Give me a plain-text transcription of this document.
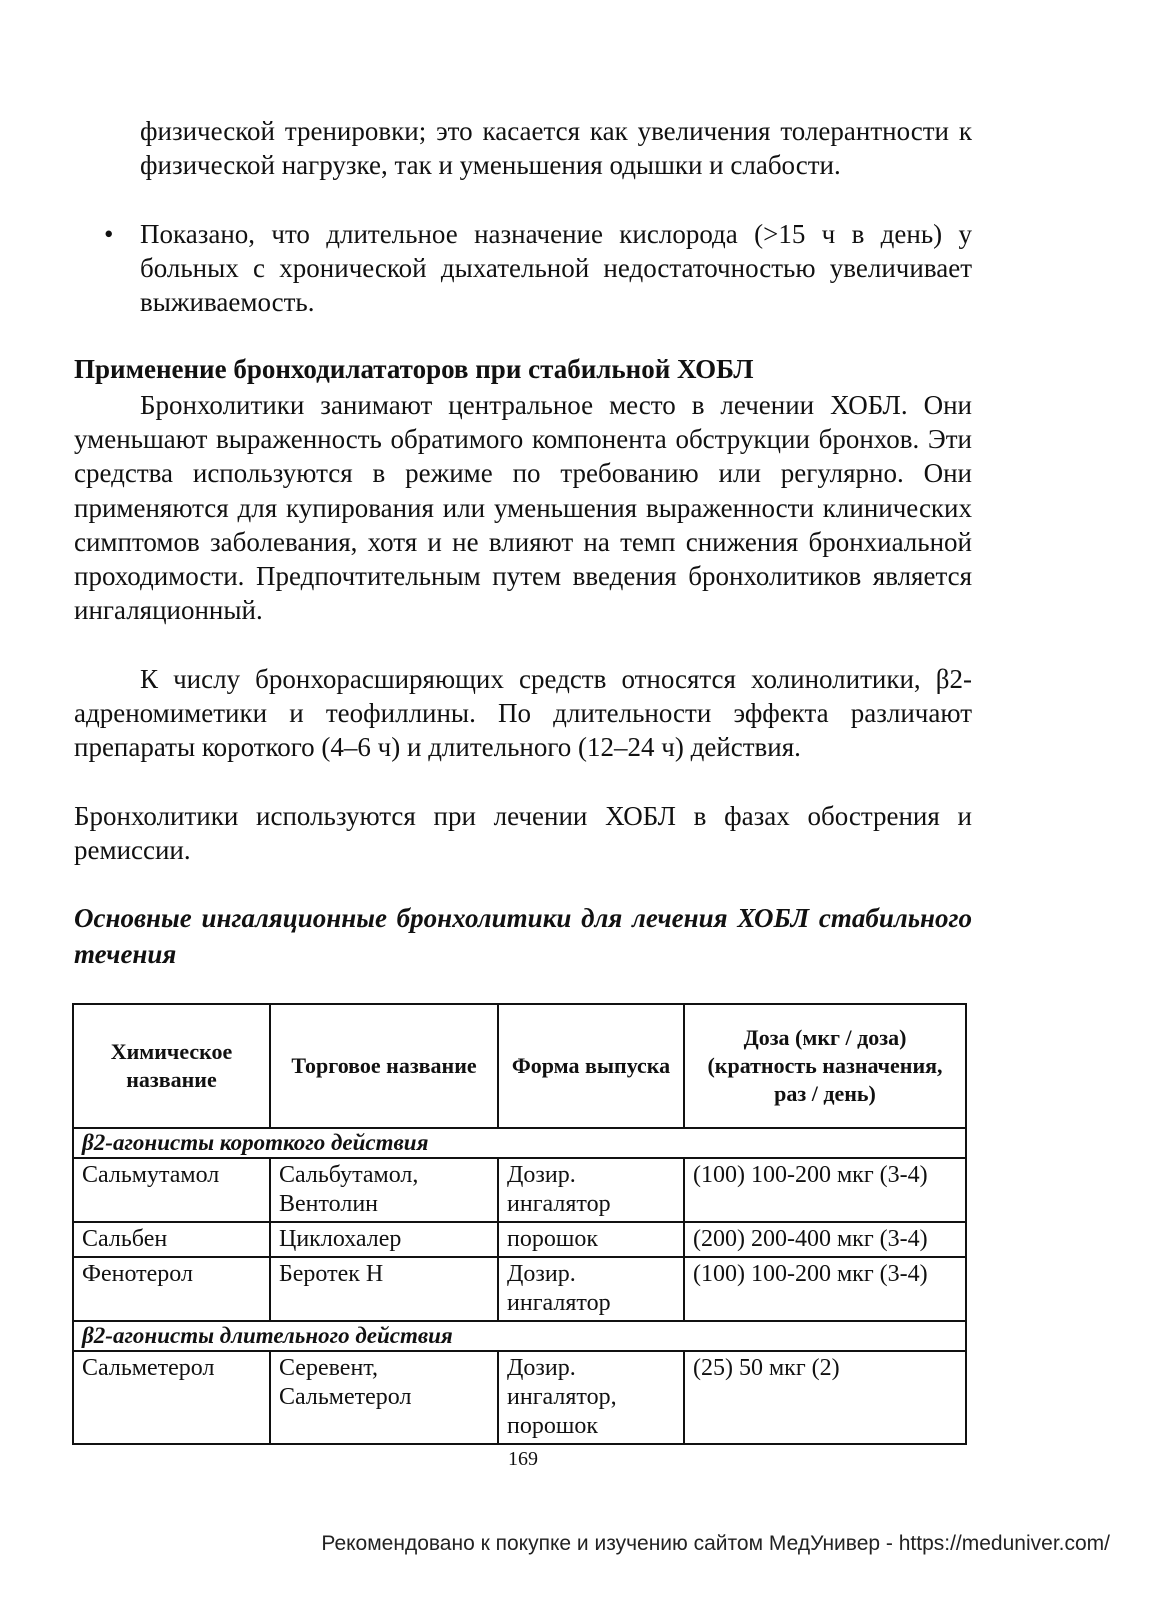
физической тренировки; это касается как увеличения толерантности к физической нагрузке, так и уменьшения одышки и слабости.

• Показано, что длительное назначение кислорода (>15 ч в день) у больных с хронической дыхательной недостаточностью увеличивает выживаемость.

Применение бронходилататоров при стабильной ХОБЛ

Бронхолитики занимают центральное место в лечении ХОБЛ. Они уменьшают выраженность обратимого компонента обструкции бронхов. Эти средства используются в режиме по требованию или регулярно. Они применяются для купирования или уменьшения выраженности клинических симптомов заболевания, хотя и не влияют на темп снижения бронхиальной проходимости. Предпочтительным путем введения бронхолитиков является ингаляционный.

К числу бронхорасширяющих средств относятся холинолитики, β2-адреномиметики и теофиллины. По длительности эффекта различают препараты короткого (4–6 ч) и длительного (12–24 ч) действия.

Бронхолитики используются при лечении ХОБЛ в фазах обострения и ремиссии.

Основные ингаляционные бронхолитики для лечения ХОБЛ стабильного течения

Химическое название	Торговое название	Форма выпуска	Доза (мкг / доза) (кратность назначения, раз / день)
β2-агонисты короткого действия			
Сальмутамол	Сальбутамол, Вентолин	Дозир. ингалятор	(100) 100-200 мкг (3-4)
Сальбен	Циклохалер	порошок	(200) 200-400 мкг (3-4)
Фенотерол	Беротек Н	Дозир. ингалятор	(100) 100-200 мкг (3-4)
β2-агонисты длительного действия			
Сальметерол	Серевент, Сальметерол	Дозир. ингалятор, порошок	(25) 50 мкг (2)
169
Рекомендовано к покупке и изучению сайтом МедУнивер - https://meduniver.com/
